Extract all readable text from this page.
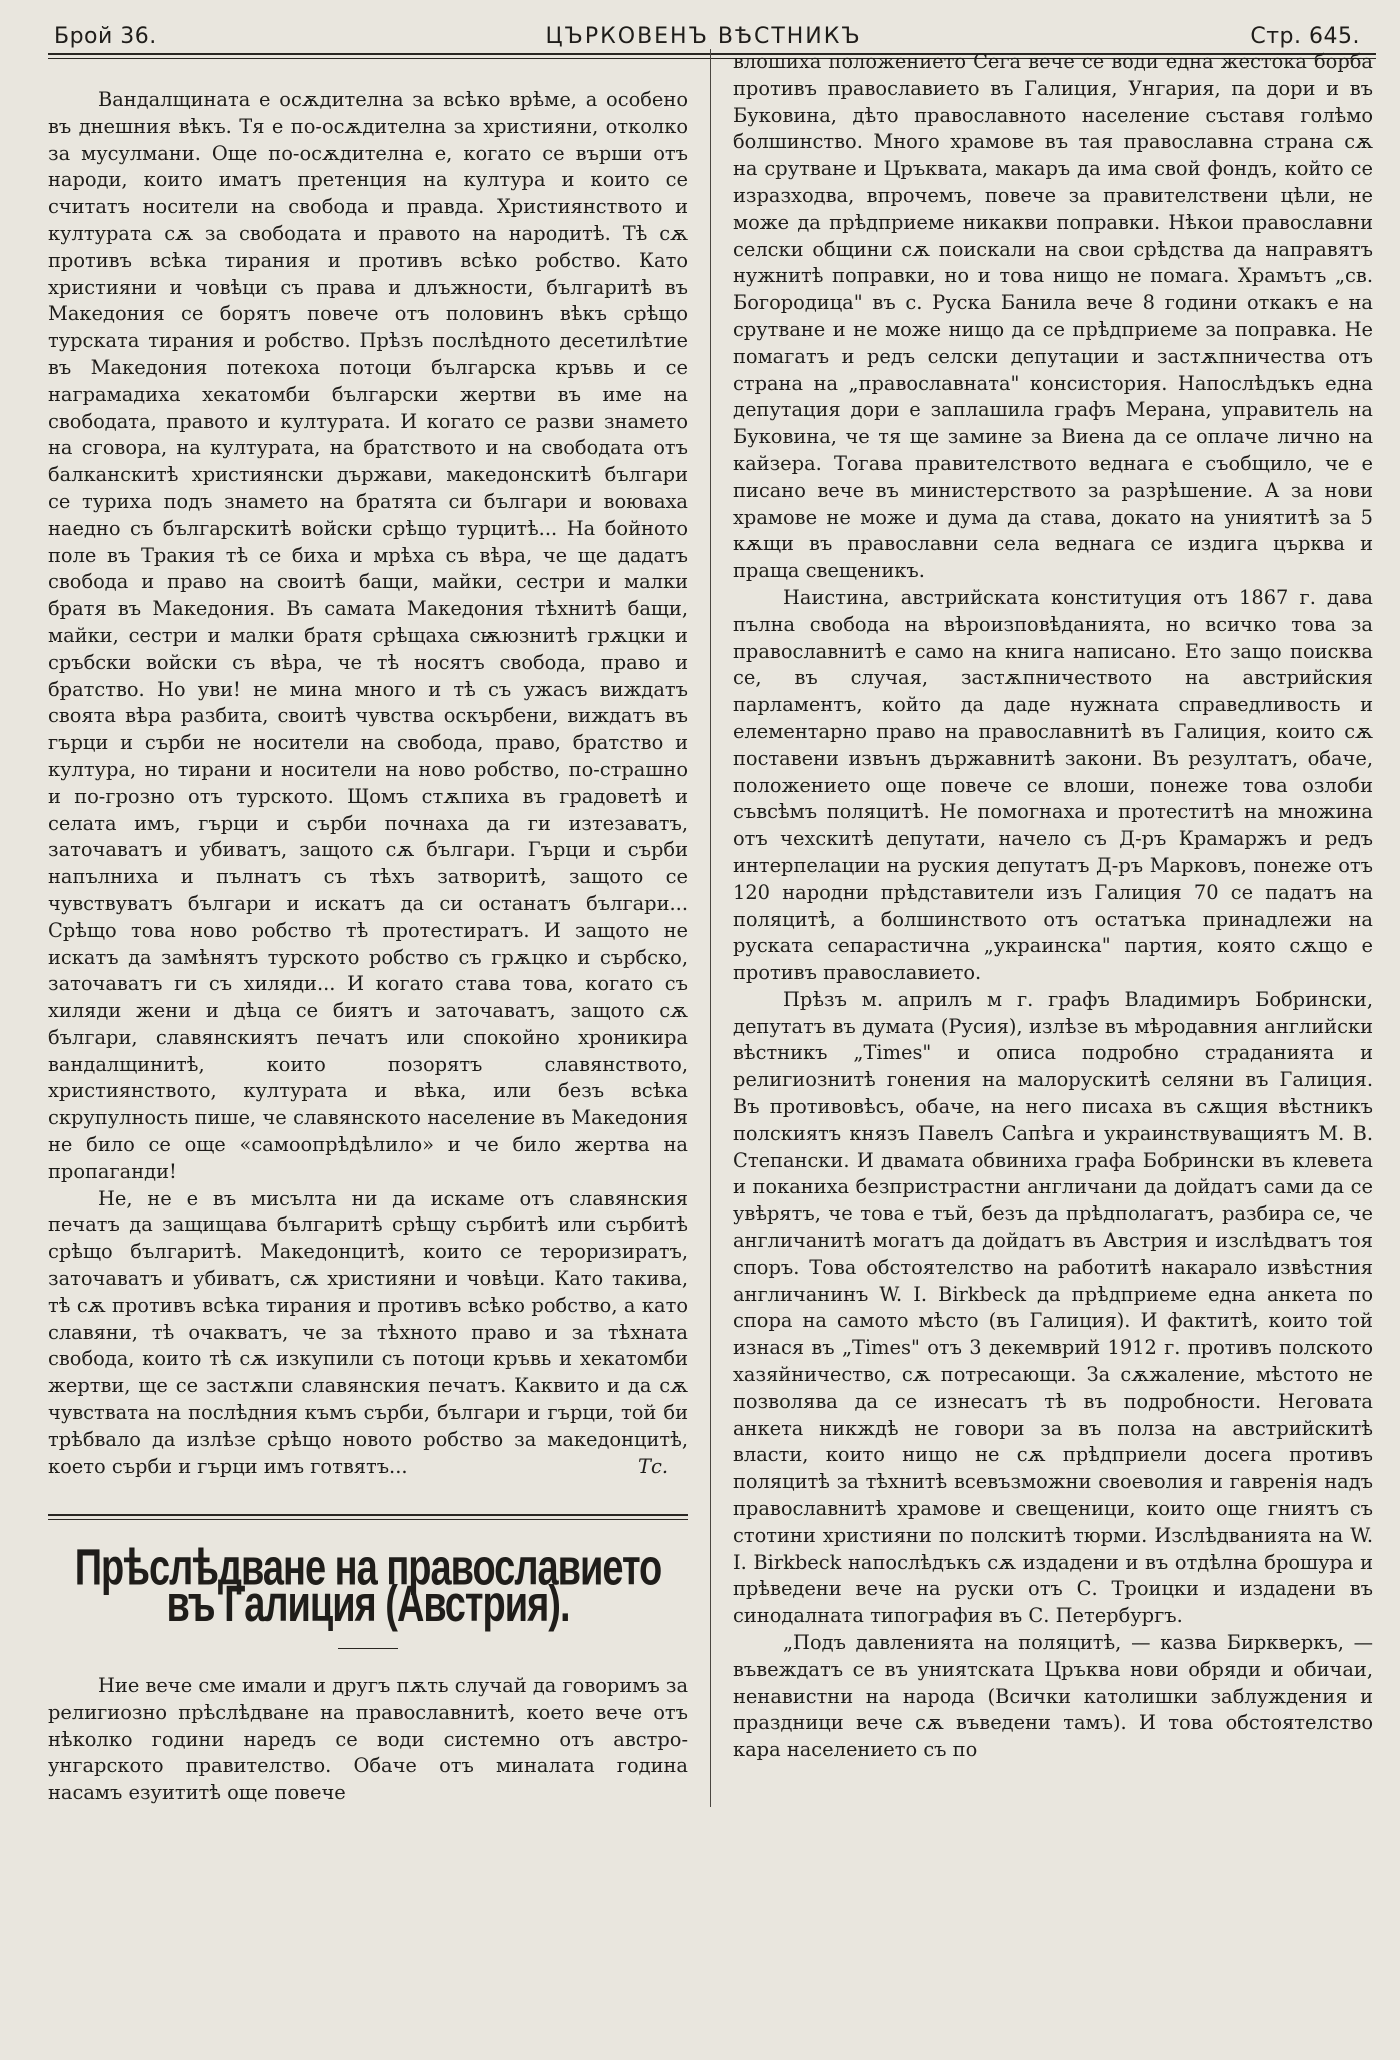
Брой 36.	ЦЪРКОВЕНЪ ВѢСТНИКЪ	Стр. 645.

Вандалщината е осѫдителна за всѣко врѣме, а особено въ днешния вѣкъ. Тя е по-осѫдителна за християни, отколко за мусулмани. Още по-осѫдителна е, когато се върши отъ народи, които иматъ претенция на култура и които се считатъ носители на свобода и правда. Християнството и културата сѫ за свободата и правото на народитѣ. Тѣ сѫ противъ всѣка тирания и противъ всѣко робство. Като християни и човѣци съ права и длъжности, българитѣ въ Македония се борятъ повече отъ половинъ вѣкъ срѣщо турската тирания и робство. Прѣзъ послѣдното десетилѣтие въ Македония потекоха потоци българска кръвь и се награмадиха хекатомби български жертви въ име на свободата, правото и културата. И когато се разви знамето на сговора, на културата, на братството и на свободата отъ балканскитѣ християнски държави, македонскитѣ българи се туриха подъ знамето на братята си българи и воюваха наедно съ българскитѣ войски срѣщо турцитѣ... На бойното поле въ Тракия тѣ се биха и мрѣха съ вѣра, че ще дадатъ свобода и право на своитѣ бащи, майки, сестри и малки братя въ Македония. Въ самата Македония тѣхнитѣ бащи, майки, сестри и малки братя срѣщаха сѭюзнитѣ грѫцки и сръбски войски съ вѣра, че тѣ носятъ свобода, право и братство. Но уви! не мина много и тѣ съ ужасъ виждатъ своята вѣра разбита, своитѣ чувства оскърбени, виждатъ въ гърци и сърби не носители на свобода, право, братство и култура, но тирани и носители на ново робство, по-страшно и по-грозно отъ турското. Щомъ стѫпиха въ градоветѣ и селата имъ, гърци и сърби почнаха да ги изтезаватъ, заточаватъ и убиватъ, защото сѫ българи. Гърци и сърби напълниха и пълнатъ съ тѣхъ затворитѣ, защото се чувствуватъ българи и искатъ да си останатъ българи... Срѣщо това ново робство тѣ протестиратъ. И защото не искатъ да замѣнятъ турското робство съ грѫцко и сърбско, заточаватъ ги съ хиляди... И когато става това, когато съ хиляди жени и дѣца се биятъ и заточаватъ, защото сѫ българи, славянскиятъ печатъ или спокойно хроникира вандалщинитѣ, които позорятъ славянството, християнството, културата и вѣка, или безъ всѣка скрупулность пише, че славянското население въ Македония не било се още «самоопрѣдѣлило» и че било жертва на пропаганди!

Не, не е въ мисълта ни да искаме отъ славянския печатъ да защищава българитѣ срѣщу сърбитѣ или сърбитѣ срѣщо българитѣ. Македонцитѣ, които се тероризиратъ, заточаватъ и убиватъ, сѫ християни и човѣци. Като такива, тѣ сѫ противъ всѣка тирания и противъ всѣко робство, а като славяни, тѣ очакватъ, че за тѣхното право и за тѣхната свобода, които тѣ сѫ изкупили съ потоци кръвь и хекатомби жертви, ще се застѫпи славянския печатъ. Каквито и да сѫ чувствата на послѣдния къмъ сърби, българи и гърци, той би трѣбвало да излѣзе срѣщо новото робство за македонцитѣ, което сърби и гърци имъ готвятъ...	Тс.
Прѣслѣдване на православието въ Галиция (Австрия).

Ние вече сме имали и другъ пѫть случай да говоримъ за религиозно прѣслѣдване на православнитѣ, което вече отъ нѣколко години наредъ се води системно отъ австро-унгарското правителство. Обаче отъ миналата година насамъ езуититѣ още повече

влошиха положението Сега вече се води една жестока борба противъ православието въ Галиция, Унгария, па дори и въ Буковина, дѣто православното население съставя голѣмо болшинство. Много храмове въ тая православна страна сѫ на срутване и Цръквата, макаръ да има свой фондъ, който се изразходва, впрочемъ, повече за правителствени цѣли, не може да прѣдприеме никакви поправки. Нѣкои православни селски общини сѫ поискали на свои срѣдства да направятъ нужнитѣ поправки, но и това нищо не помага. Храмътъ „св. Богородица" въ с. Руска Банила вече 8 години откакъ е на срутване и не може нищо да се прѣдприеме за поправка. Не помагатъ и редъ селски депутации и застѫпничества отъ страна на „православната" консистория. Напослѣдъкъ една депутация дори е заплашила графъ Мерана, управитель на Буковина, че тя ще замине за Виена да се оплаче лично на кайзера. Тогава правителството веднага е съобщило, че е писано вече въ министерството за разрѣшение. А за нови храмове не може и дума да става, докато на униятитѣ за 5 кѫщи въ православни села веднага се издига църква и праща свещеникъ.

Наистина, австрийската конституция отъ 1867 г. дава пълна свобода на вѣроизповѣданията, но всичко това за православнитѣ е само на книга написано. Ето защо поисква се, въ случая, застѫпничеството на австрийския парламентъ, който да даде нужната справедливость и елементарно право на православнитѣ въ Галиция, които сѫ поставени извънъ държавнитѣ закони. Въ резултатъ, обаче, положението още повече се влоши, понеже това озлоби съвсѣмъ поляцитѣ. Не помогнаха и протеститѣ на множина отъ чехскитѣ депутати, начело съ Д-ръ Крамаржъ и редъ интерпелации на руския депутатъ Д-ръ Марковъ, понеже отъ 120 народни прѣдставители изъ Галиция 70 се падатъ на поляцитѣ, а болшинството отъ остатъка принадлежи на руската сепарастична „украинска" партия, която сѫщо е противъ православието.

Прѣзъ м. априлъ м г. графъ Владимиръ Бобрински, депутатъ въ думата (Русия), излѣзе въ мѣродавния английски вѣстникъ „Times" и описа подробно страданията и религиознитѣ гонения на малорускитѣ селяни въ Галиция. Въ противовѣсъ, обаче, на него писаха въ сѫщия вѣстникъ полскиятъ князъ Павелъ Сапѣга и украинствуващиятъ М. В. Степански. И двамата обвиниха графа Бобрински въ клевета и поканиха безпристрастни англичани да дойдатъ сами да се увѣрятъ, че това е тъй, безъ да прѣдполагатъ, разбира се, че англичанитѣ могатъ да дойдатъ въ Австрия и изслѣдватъ тоя споръ. Това обстоятелство на работитѣ накарало извѣстния англичанинъ W. I. Birkbeck да прѣдприеме една анкета по спора на самото мѣсто (въ Галиция). И фактитѣ, които той изнася въ „Times" отъ 3 декемврий 1912 г. противъ полското хазяйничество, сѫ потресающи. За сѫжаление, мѣстото не позволява да се изнесатъ тѣ въ подробности. Неговата анкета никждѣ не говори за въ полза на австрийскитѣ власти, които нищо не сѫ прѣдприели досега противъ поляцитѣ за тѣхнитѣ всевъзможни своеволия и гавренія надъ православнитѣ храмове и свещеници, които още гниятъ съ стотини християни по полскитѣ тюрми. Изслѣдванията на W. I. Birkbeck напослѣдъкъ сѫ издадени и въ отдѣлна брошура и прѣведени вече на руски отъ С. Троицки и издадени въ синодалната типография въ С. Петербургъ.

„Подъ давленията на поляцитѣ, — казва Биркверкъ, — въвеждатъ се въ униятската Цръква нови обряди и обичаи, ненавистни на народа (Всички католишки заблуждения и праздници вече сѫ въведени тамъ). И това обстоятелство кара населението съ по
